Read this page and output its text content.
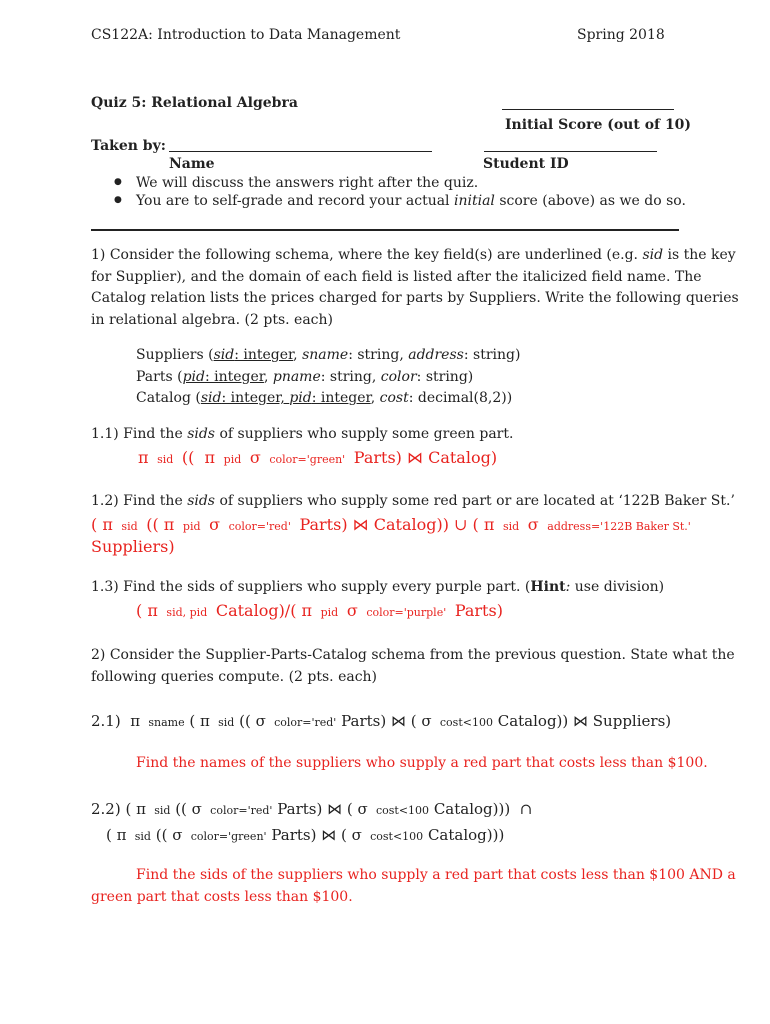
CS122A: Introduction to Data Management	Spring 2018
Quiz 5: Relational Algebra
Initial Score (out of 10)
Taken by:
Name	Student ID
● We will discuss the answers right after the quiz.
● You are to self-grade and record your actual initial score (above) as we do so.
1) Consider the following schema, where the key field(s) are underlined (e.g. sid is the key
for Supplier), and the domain of each field is listed after the italicized field name. The
Catalog relation lists the prices charged for parts by Suppliers. Write the following queries
in relational algebra. (2 pts. each)
Suppliers (sid: integer, sname: string, address: string)
Parts (pid: integer, pname: string, color: string)
Catalog (sid: integer, pid: integer, cost: decimal(8,2))
1.1) Find the sids of suppliers who supply some green part.
π  sid  ((  π  pid  σ  color='green'  Parts) ⋈ Catalog)
1.2) Find the sids of suppliers who supply some red part or are located at ‘122B Baker St.’
( π  sid  (( π  pid  σ  color='red'  Parts) ⋈ Catalog)) ∪ ( π  sid  σ  address='122B Baker St.'
Suppliers)
1.3) Find the sids of suppliers who supply every purple part. (Hint: use division)
( π  sid, pid  Catalog)/( π  pid  σ  color='purple'  Parts)
2) Consider the Supplier-Parts-Catalog schema from the previous question. State what the
following queries compute. (2 pts. each)
2.1)  π  sname ( π  sid (( σ  color='red' Parts) ⋈ ( σ  cost<100 Catalog)) ⋈ Suppliers)
Find the names of the suppliers who supply a red part that costs less than $100.
2.2) ( π  sid (( σ  color='red' Parts) ⋈ ( σ  cost<100 Catalog)))  ∩
( π  sid (( σ  color='green' Parts) ⋈ ( σ  cost<100 Catalog)))
Find the sids of the suppliers who supply a red part that costs less than $100 AND a
green part that costs less than $100.
